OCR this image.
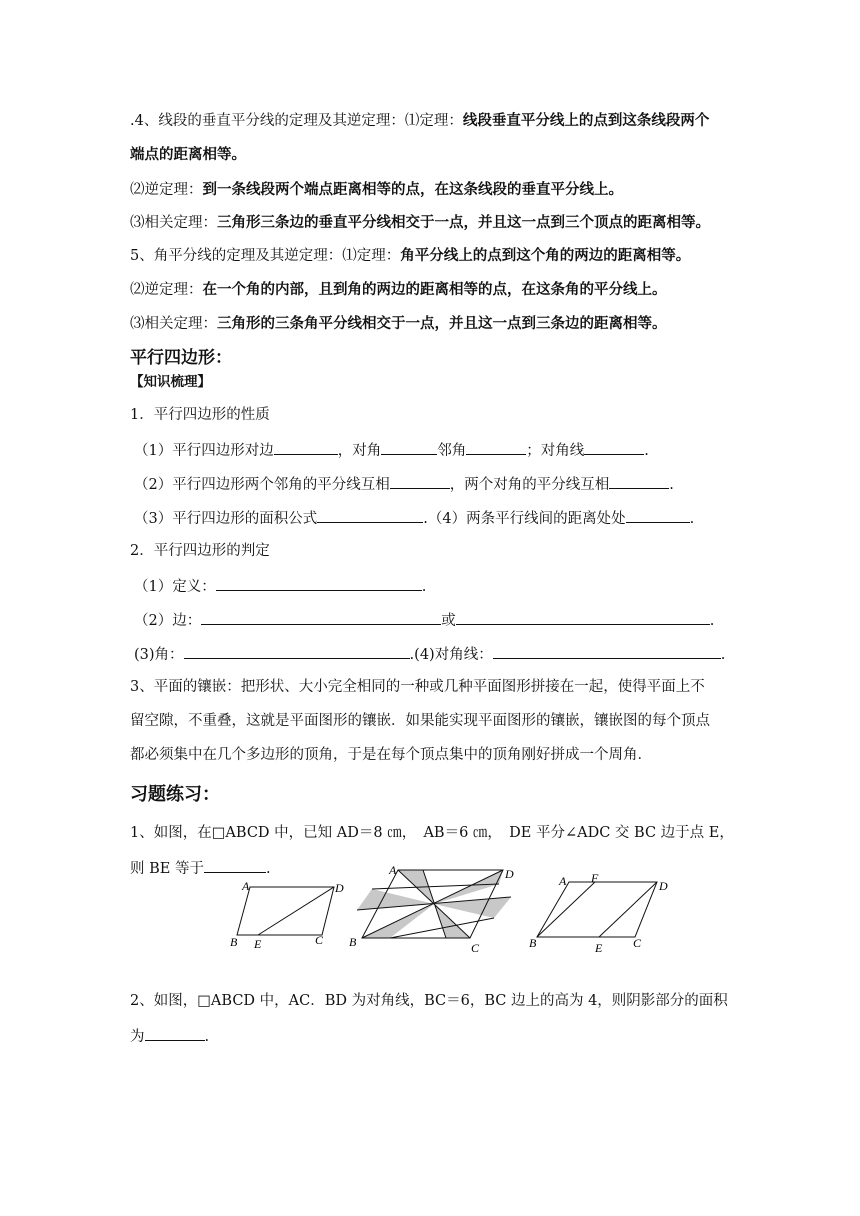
.4、线段的垂直平分线的定理及其逆定理：⑴定理：线段垂直平分线上的点到这条线段两个
端点的距离相等。
⑵逆定理：到一条线段两个端点距离相等的点，在这条线段的垂直平分线上。
⑶相关定理：三角形三条边的垂直平分线相交于一点，并且这一点到三个顶点的距离相等。
5、角平分线的定理及其逆定理：⑴定理：角平分线上的点到这个角的两边的距离相等。
⑵逆定理：在一个角的内部，且到角的两边的距离相等的点，在这条角的平分线上。
⑶相关定理：三角形的三条角平分线相交于一点，并且这一点到三条边的距离相等。
平行四边形：
【知识梳理】
1．平行四边形的性质
（1）平行四边形对边	，对角	邻角	；对角线	.
（2）平行四边形两个邻角的平分线互相	，两个对角的平分线互相	.
（3）平行四边形的面积公式	.（4）两条平行线间的距离处处	.
2．平行四边形的判定
（1）定义：	.
（2）边：	或	.
(3)角：	.(4)对角线：	.
3、平面的镶嵌：把形状、大小完全相同的一种或几种平面图形拼接在一起，使得平面上不
留空隙，不重叠，这就是平面图形的镶嵌．如果能实现平面图形的镶嵌，镶嵌图的每个顶点
都必须集中在几个多边形的顶角，于是在每个顶点集中的顶角刚好拼成一个周角．
习题练习：
1、如图，在□ABCD 中，已知 AD＝8 ㎝，　AB＝6 ㎝，　DE 平分∠ADC 交 BC 边于点 E，
则 BE 等于	.
A	D
B E	C
A	D
B	C
A F
D
B	E	C
2、如图，□ABCD 中，AC．BD 为对角线，BC＝6，BC 边上的高为 4，则阴影部分的面积
为	.
